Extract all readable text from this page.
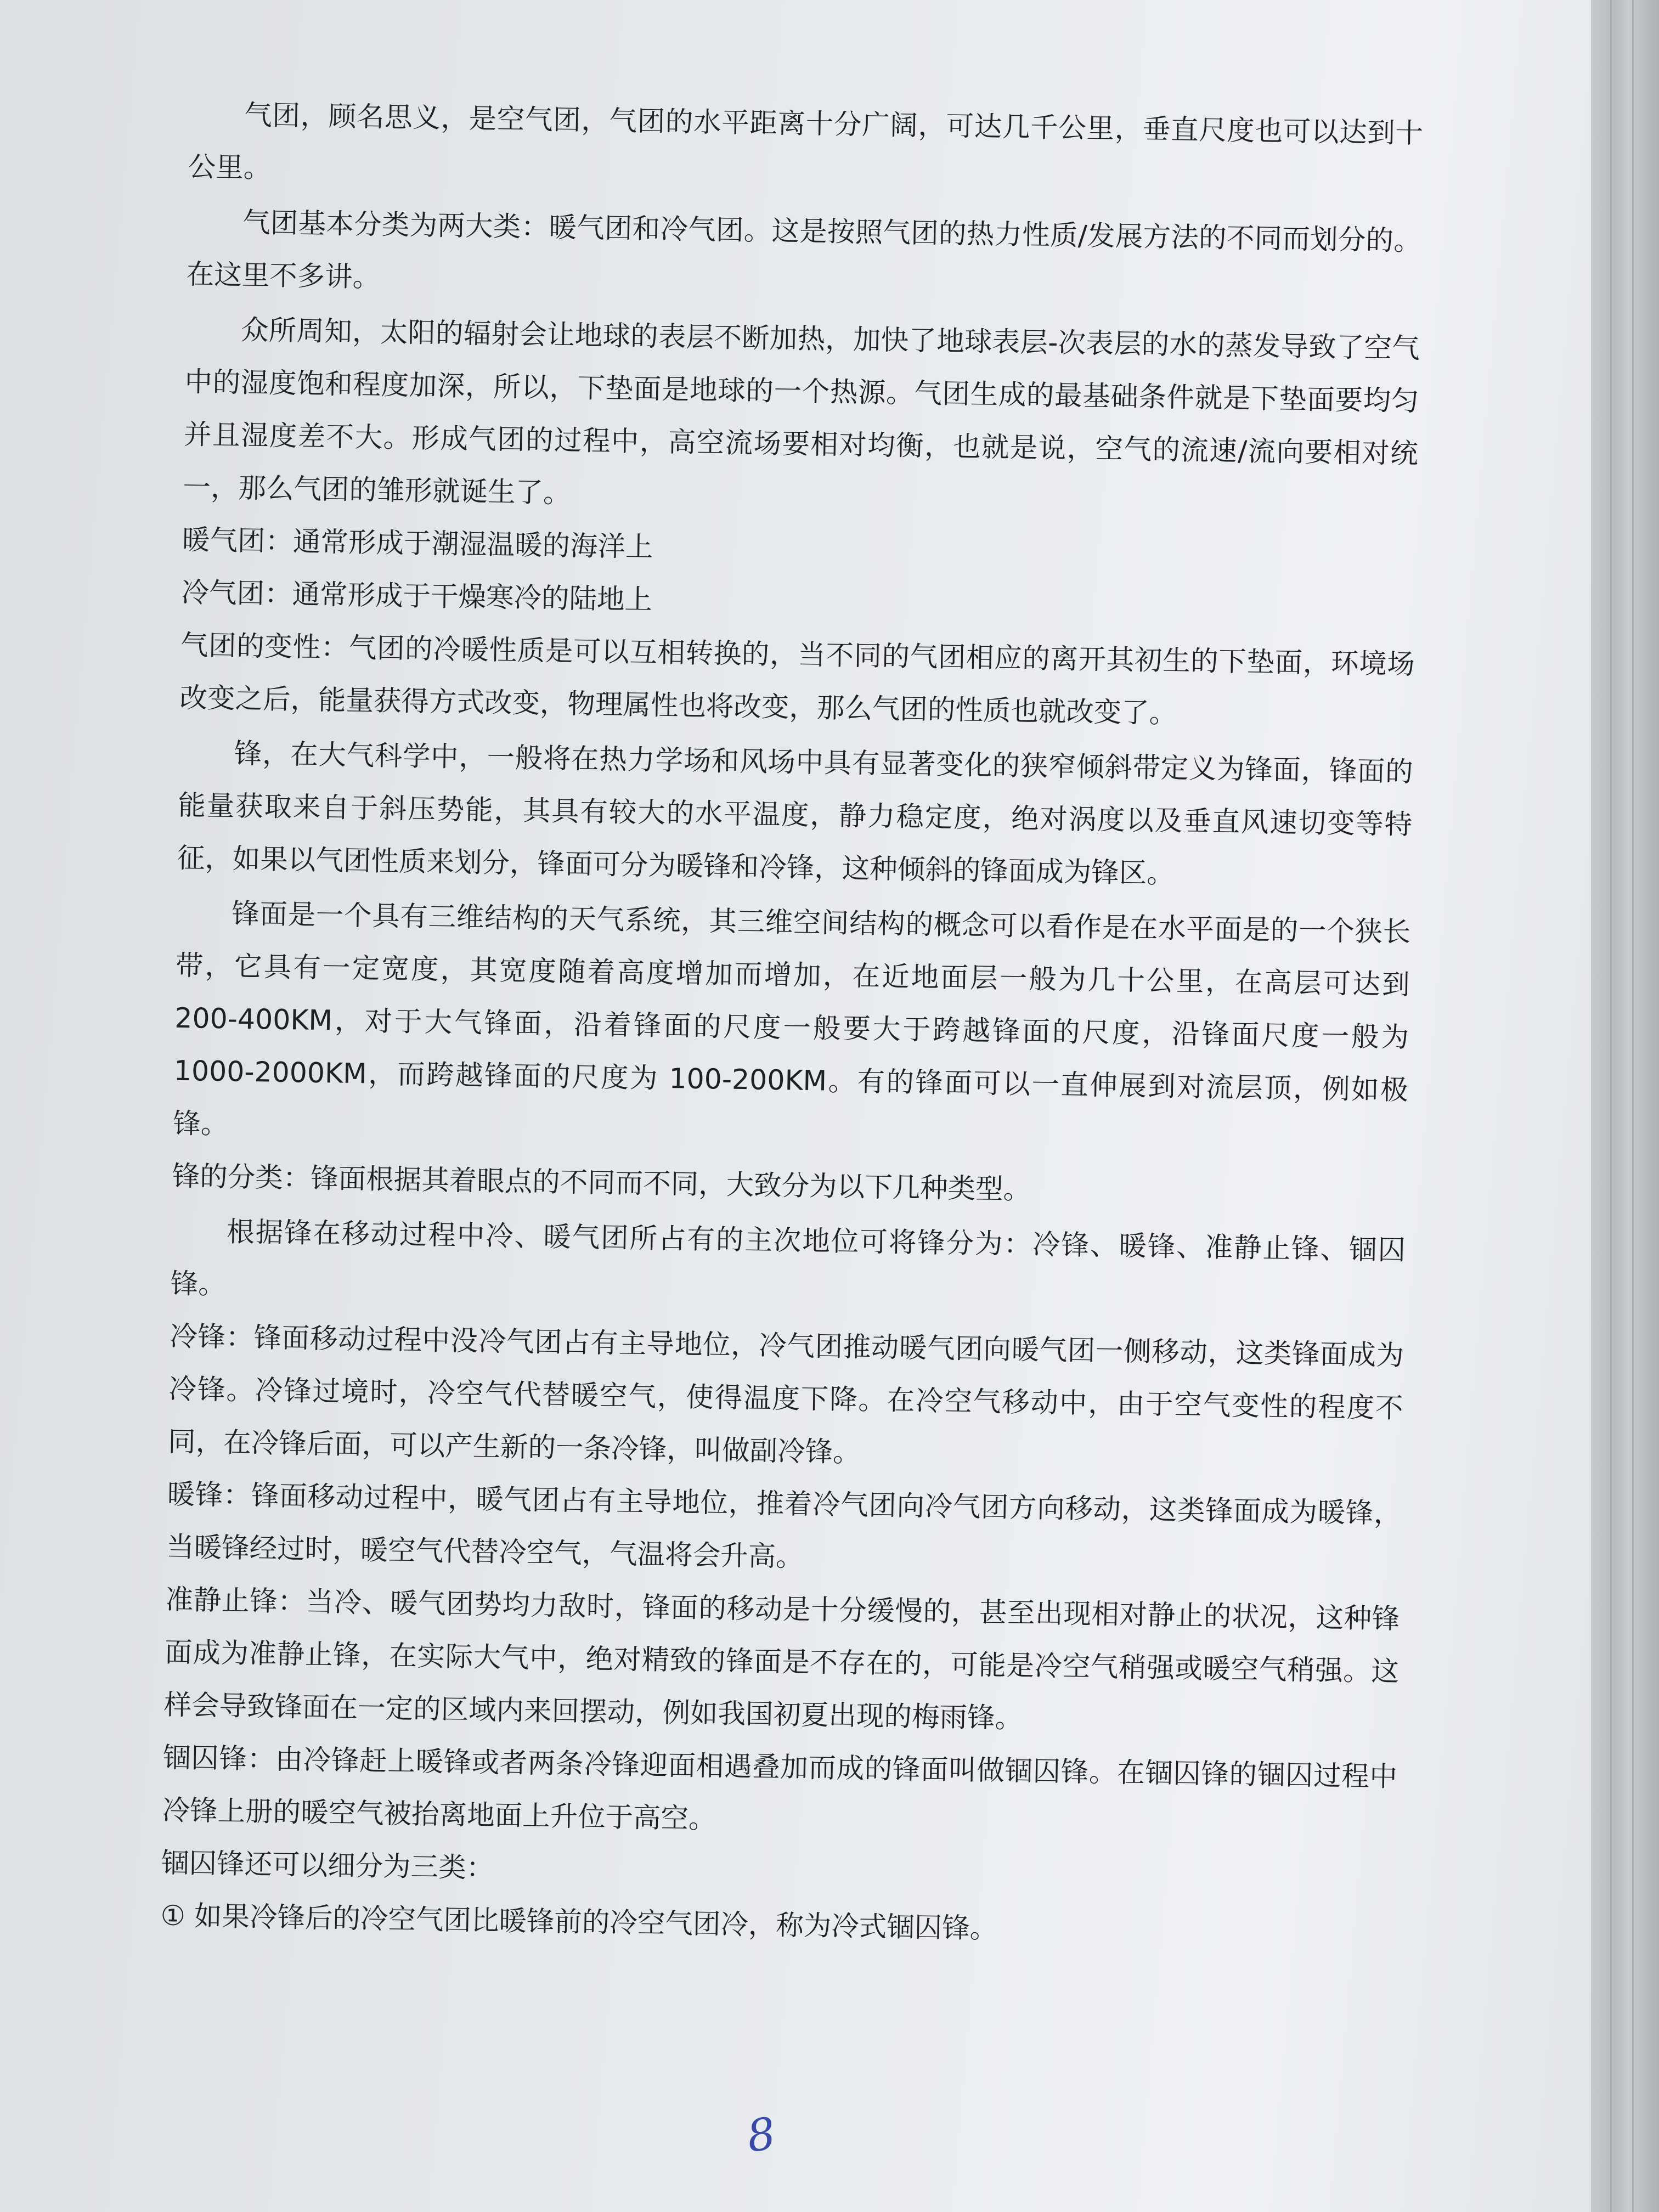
气团，顾名思义，是空气团，气团的水平距离十分广阔，可达几千公里，垂直尺度也可以达到十公里。

气团基本分类为两大类：暖气团和冷气团。这是按照气团的热力性质/发展方法的不同而划分的。在这里不多讲。

众所周知，太阳的辐射会让地球的表层不断加热，加快了地球表层-次表层的水的蒸发导致了空气中的湿度饱和程度加深，所以，下垫面是地球的一个热源。气团生成的最基础条件就是下垫面要均匀并且湿度差不大。形成气团的过程中，高空流场要相对均衡，也就是说，空气的流速/流向要相对统一，那么气团的雏形就诞生了。

暖气团：通常形成于潮湿温暖的海洋上

冷气团：通常形成于干燥寒冷的陆地上

气团的变性：气团的冷暖性质是可以互相转换的，当不同的气团相应的离开其初生的下垫面，环境场改变之后，能量获得方式改变，物理属性也将改变，那么气团的性质也就改变了。

锋，在大气科学中，一般将在热力学场和风场中具有显著变化的狭窄倾斜带定义为锋面，锋面的能量获取来自于斜压势能，其具有较大的水平温度，静力稳定度，绝对涡度以及垂直风速切变等特征，如果以气团性质来划分，锋面可分为暖锋和冷锋，这种倾斜的锋面成为锋区。

锋面是一个具有三维结构的天气系统，其三维空间结构的概念可以看作是在水平面是的一个狭长带，它具有一定宽度，其宽度随着高度增加而增加，在近地面层一般为几十公里，在高层可达到 200-400KM，对于大气锋面，沿着锋面的尺度一般要大于跨越锋面的尺度，沿锋面尺度一般为 1000-2000KM，而跨越锋面的尺度为 100-200KM。有的锋面可以一直伸展到对流层顶，例如极锋。

锋的分类：锋面根据其着眼点的不同而不同，大致分为以下几种类型。

根据锋在移动过程中冷、暖气团所占有的主次地位可将锋分为：冷锋、暖锋、准静止锋、锢囚锋。

冷锋：锋面移动过程中没冷气团占有主导地位，冷气团推动暖气团向暖气团一侧移动，这类锋面成为冷锋。冷锋过境时，冷空气代替暖空气，使得温度下降。在冷空气移动中，由于空气变性的程度不同，在冷锋后面，可以产生新的一条冷锋，叫做副冷锋。

暖锋：锋面移动过程中，暖气团占有主导地位，推着冷气团向冷气团方向移动，这类锋面成为暖锋，当暖锋经过时，暖空气代替冷空气，气温将会升高。

准静止锋：当冷、暖气团势均力敌时，锋面的移动是十分缓慢的，甚至出现相对静止的状况，这种锋面成为准静止锋，在实际大气中，绝对精致的锋面是不存在的，可能是冷空气稍强或暖空气稍强。这样会导致锋面在一定的区域内来回摆动，例如我国初夏出现的梅雨锋。

锢囚锋：由冷锋赶上暖锋或者两条冷锋迎面相遇叠加而成的锋面叫做锢囚锋。在锢囚锋的锢囚过程中冷锋上册的暖空气被抬离地面上升位于高空。

锢囚锋还可以细分为三类：

① 如果冷锋后的冷空气团比暖锋前的冷空气团冷，称为冷式锢囚锋。

8
